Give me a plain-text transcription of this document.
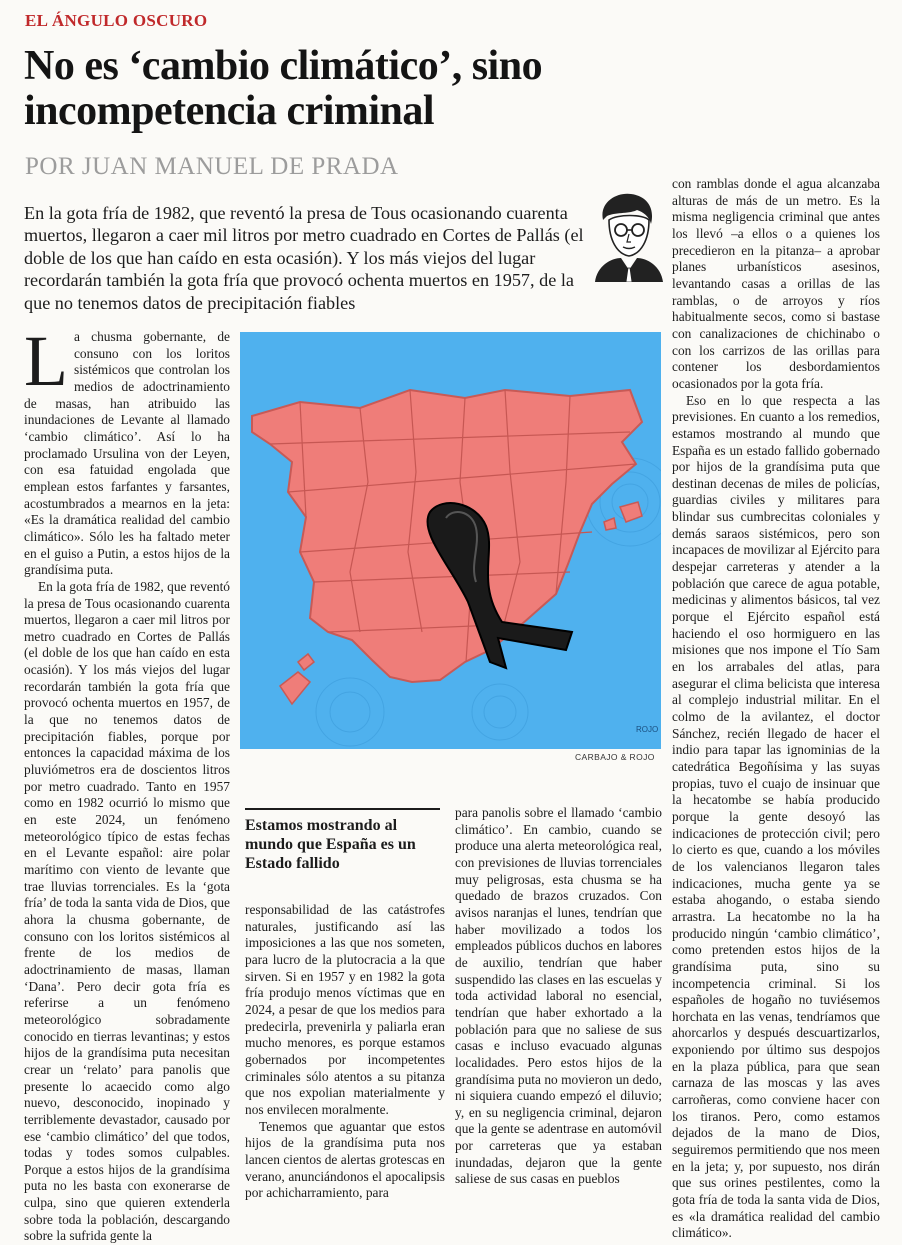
EL ÁNGULO OSCURO
No es ‘cambio climático’, sino incompetencia criminal
POR JUAN MANUEL DE PRADA

En la gota fría de 1982, que reventó la presa de Tous ocasionando cuarenta muertos, llegaron a caer mil litros por metro cuadrado en Cortes de Pallás (el doble de los que han caído en esta ocasión). Y los más viejos del lugar recordarán también la gota fría que provocó ochenta muertos en 1957, de la que no tenemos datos de precipitación fiables

ROJO
CARBAJO & ROJO

Estamos mostrando al mundo que España es un Estado fallido

La chusma gobernante, de consuno con los loritos sistémicos que controlan los medios de adoctrinamiento de masas, han atribuido las inundaciones de Levante al llamado ‘cambio climático’. Así lo ha proclamado Ursulina von der Leyen, con esa fatuidad engolada que emplean estos farfantes y farsantes, acostumbrados a mearnos en la jeta: «Es la dramática realidad del cambio climático». Sólo les ha faltado meter en el guiso a Putin, a estos hijos de la grandísima puta.

En la gota fría de 1982, que reventó la presa de Tous ocasionando cuarenta muertos, llegaron a caer mil litros por metro cuadrado en Cortes de Pallás (el doble de los que han caído en esta ocasión). Y los más viejos del lugar recordarán también la gota fría que provocó ochenta muertos en 1957, de la que no tenemos datos de precipitación fiables, porque por entonces la capacidad máxima de los pluviómetros era de doscientos litros por metro cuadrado. Tanto en 1957 como en 1982 ocurrió lo mismo que en este 2024, un fenómeno meteorológico típico de estas fechas en el Levante español: aire polar marítimo con viento de levante que trae lluvias torrenciales. Es la ‘gota fría’ de toda la santa vida de Dios, que ahora la chusma gobernante, de consuno con los loritos sistémicos al frente de los medios de adoctrinamiento de masas, llaman ‘Dana’. Pero decir gota fría es referirse a un fenómeno meteorológico sobradamente conocido en tierras levantinas; y estos hijos de la grandísima puta necesitan crear un ‘relato’ para panolis que presente lo acaecido como algo nuevo, desconocido, inopinado y terriblemente devastador, causado por ese ‘cambio climático’ del que todos, todas y todes somos culpables. Porque a estos hijos de la grandísima puta no les basta con exonerarse de culpa, sino que quieren extenderla sobre toda la población, descargando sobre la sufrida gente la

responsabilidad de las catástrofes naturales, justificando así las imposiciones a las que nos someten, para lucro de la plutocracia a la que sirven. Si en 1957 y en 1982 la gota fría produjo menos víctimas que en 2024, a pesar de que los medios para predecirla, prevenirla y paliarla eran mucho menores, es porque estamos gobernados por incompetentes criminales sólo atentos a su pitanza que nos expolian materialmente y nos envilecen moralmente.

Tenemos que aguantar que estos hijos de la grandísima puta nos lancen cientos de alertas grotescas en verano, anunciándonos el apocalipsis por achicharramiento, para

para panolis sobre el llamado ‘cambio climático’. En cambio, cuando se produce una alerta meteorológica real, con previsiones de lluvias torrenciales muy peligrosas, esta chusma se ha quedado de brazos cruzados. Con avisos naranjas el lunes, tendrían que haber movilizado a todos los empleados públicos duchos en labores de auxilio, tendrían que haber suspendido las clases en las escuelas y toda actividad laboral no esencial, tendrían que haber exhortado a la población para que no saliese de sus casas e incluso evacuado algunas localidades. Pero estos hijos de la grandísima puta no movieron un dedo, ni siquiera cuando empezó el diluvio; y, en su negligencia criminal, dejaron que la gente se adentrase en automóvil por carreteras que ya estaban inundadas, dejaron que la gente saliese de sus casas en pueblos

con ramblas donde el agua alcanzaba alturas de más de un metro. Es la misma negligencia criminal que antes los llevó –a ellos o a quienes los precedieron en la pitanza– a aprobar planes urbanísticos asesinos, levantando casas a orillas de las ramblas, o de arroyos y ríos habitualmente secos, como si bastase con canalizaciones de chichinabo o con los carrizos de las orillas para contener los desbordamientos ocasionados por la gota fría.

Eso en lo que respecta a las previsiones. En cuanto a los remedios, estamos mostrando al mundo que España es un estado fallido gobernado por hijos de la grandísima puta que destinan decenas de miles de policías, guardias civiles y militares para blindar sus cumbrecitas coloniales y demás saraos sistémicos, pero son incapaces de movilizar al Ejército para despejar carreteras y atender a la población que carece de agua potable, medicinas y alimentos básicos, tal vez porque el Ejército español está haciendo el oso hormiguero en las misiones que nos impone el Tío Sam en los arrabales del atlas, para asegurar el clima belicista que interesa al complejo industrial militar. En el colmo de la avilantez, el doctor Sánchez, recién llegado de hacer el indio para tapar las ignominias de la catedrática Begoñísima y las suyas propias, tuvo el cuajo de insinuar que la hecatombe se había producido porque la gente desoyó las indicaciones de protección civil; pero lo cierto es que, cuando a los móviles de los valencianos llegaron tales indicaciones, mucha gente ya se estaba ahogando, o estaba siendo arrastra. La hecatombe no la ha producido ningún ‘cambio climático’, como pretenden estos hijos de la grandísima puta, sino su incompetencia criminal. Si los españoles de hogaño no tuviésemos horchata en las venas, tendríamos que ahorcarlos y después descuartizarlos, exponiendo por último sus despojos en la plaza pública, para que sean carnaza de las moscas y las aves carroñeras, como conviene hacer con los tiranos. Pero, como estamos dejados de la mano de Dios, seguiremos permitiendo que nos meen en la jeta; y, por supuesto, nos dirán que sus orines pestilentes, como la gota fría de toda la santa vida de Dios, es «la dramática realidad del cambio climático».
